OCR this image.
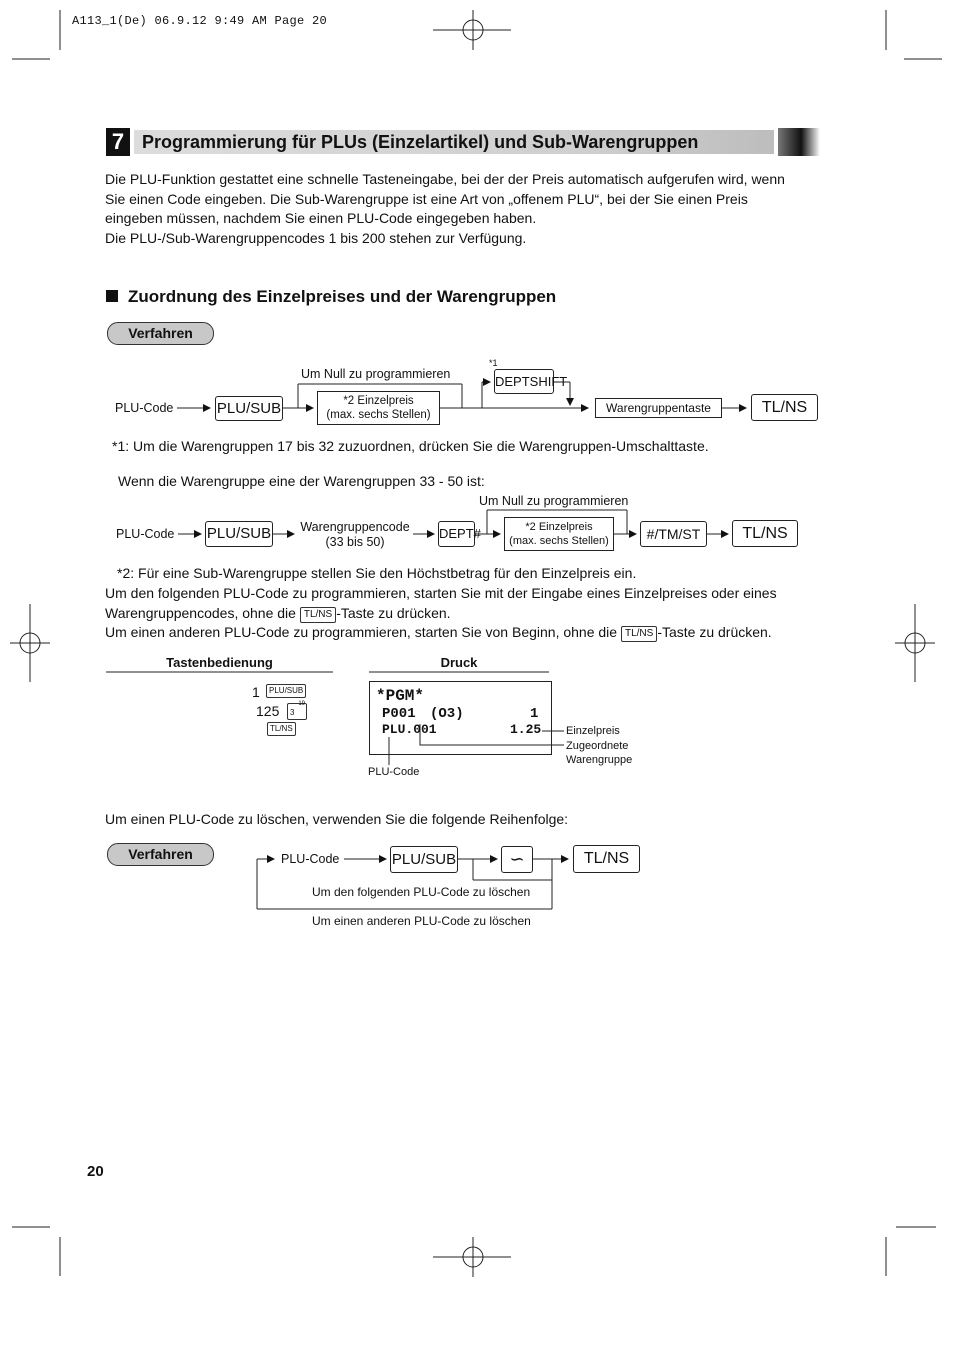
A113_1(De) 06.9.12 9:49 AM Page 20
7 Programmierung für PLUs (Einzelartikel) und Sub-Warengruppen
Die PLU-Funktion gestattet eine schnelle Tasteneingabe, bei der der Preis automatisch aufgerufen wird, wenn
Sie einen Code eingeben. Die Sub-Warengruppe ist eine Art von „offenem PLU“, bei der Sie einen Preis
eingeben müssen, nachdem Sie einen PLU-Code eingegeben haben.
Die PLU-/Sub-Warengruppencodes 1 bis 200 stehen zur Verfügung.
Zuordnung des Einzelpreises und der Warengruppen
Verfahren
PLU-Code	PLU/SUB
Um Null zu programmieren
*2 Einzelpreis
(max. sechs Stellen)
*1
DEPTSHIFT
Warengruppentaste	TL/NS
*1: Um die Warengruppen 17 bis 32 zuzuordnen, drücken Sie die Warengruppen-Umschalttaste.
Wenn die Warengruppe eine der Warengruppen 33 - 50 ist:
Um Null zu programmieren
PLU-Code PLU/SUB Warengruppencode
(33 bis 50)
DEPT#	*2 Einzelpreis
(max. sechs Stellen)	#/TM/ST	TL/NS
*2: Für eine Sub-Warengruppe stellen Sie den Höchstbetrag für den Einzelpreis ein.
Um den folgenden PLU-Code zu programmieren, starten Sie mit der Eingabe eines Einzelpreises oder eines
Warengruppencodes, ohne die TL/NS -Taste zu drücken.
Um einen anderen PLU-Code zu programmieren, starten Sie von Beginn, ohne die TL/NS -Taste zu drücken.
Tastenbedienung	Druck
1	PLU/SUB
125	3
19
TL/NS
*PGM*
P001 (O3)	1
PLU.001	1.25 Einzelpreis
Zugeordnete
Warengruppe
PLU-Code
Um einen PLU-Code zu löschen, verwenden Sie die folgende Reihenfolge:
Verfahren	PLU-Code	PLU/SUB	∽	TL/NS
Um den folgenden PLU-Code zu löschen
Um einen anderen PLU-Code zu löschen
20
